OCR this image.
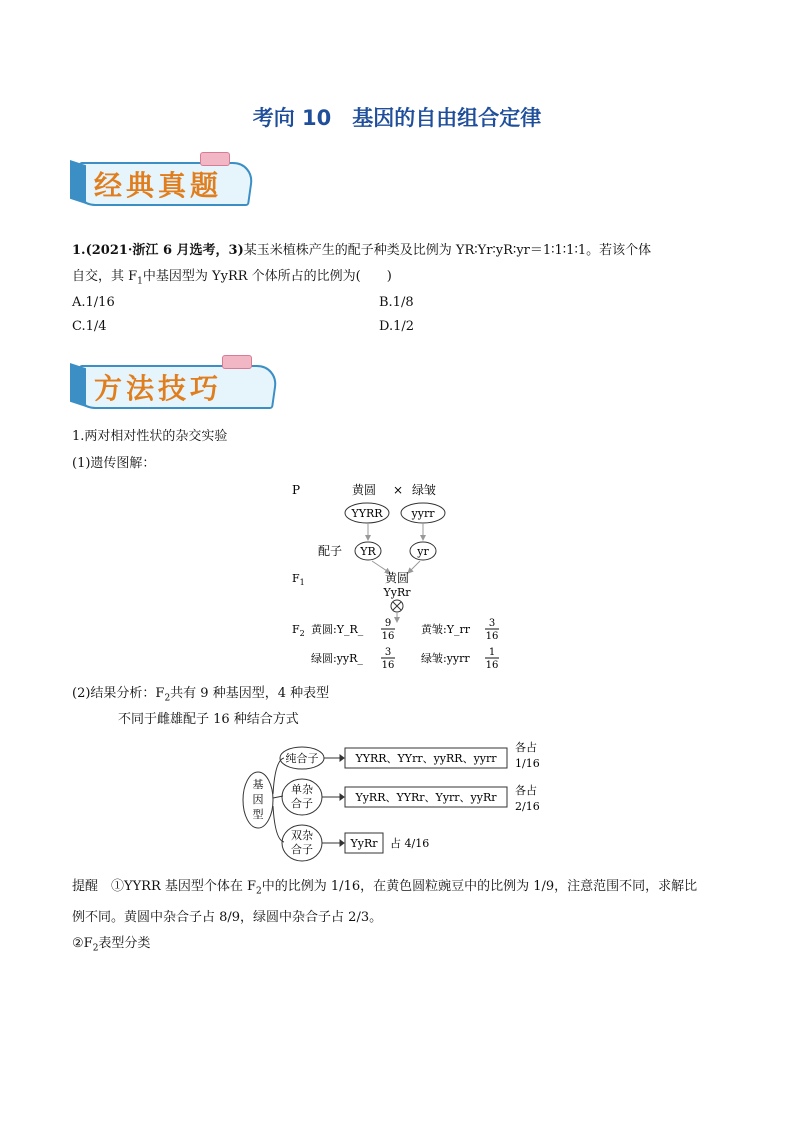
考向 10　基因的自由组合定律
经典真题
1.(2021·浙江 6 月选考，3)某玉米植株产生的配子种类及比例为 YR∶Yr∶yR∶yr＝1∶1∶1∶1。若该个体
自交，其 $F_1$中基因型为 YyRR 个体所占的比例为(　　)
A.1/16	B.1/8
C.1/4	D.1/2
方法技巧
1.两对相对性状的杂交实验
(1)遗传图解：
P	黄圆 × 绿皱
YYRR	yyrr
配子 YR	yr
$F_1$	黄圆
YyRr
$F_2$ 黄圆:Y_R_ 9
16
黄皱:Y_rr 3
16
绿圆:yyR_ 3
16
绿皱:yyrr 1
16
(2)结果分析：$F_2$共有 9 种基因型，4 种表型
不同于雌雄配子 16 种结合方式
基
因
型
纯合子
单杂
合子
双杂
合子
YYRR、YYrr、yyRR、yyrr
YyRR、YYRr、Yyrr、yyRr
YyRr
各占
1/16
各占
2/16
占 4/16
提醒　①YYRR 基因型个体在 $F_2$中的比例为 1/16，在黄色圆粒豌豆中的比例为 1/9，注意范围不同，求解比
例不同。黄圆中杂合子占 8/9，绿圆中杂合子占 2/3。
$②F_2$表型分类
